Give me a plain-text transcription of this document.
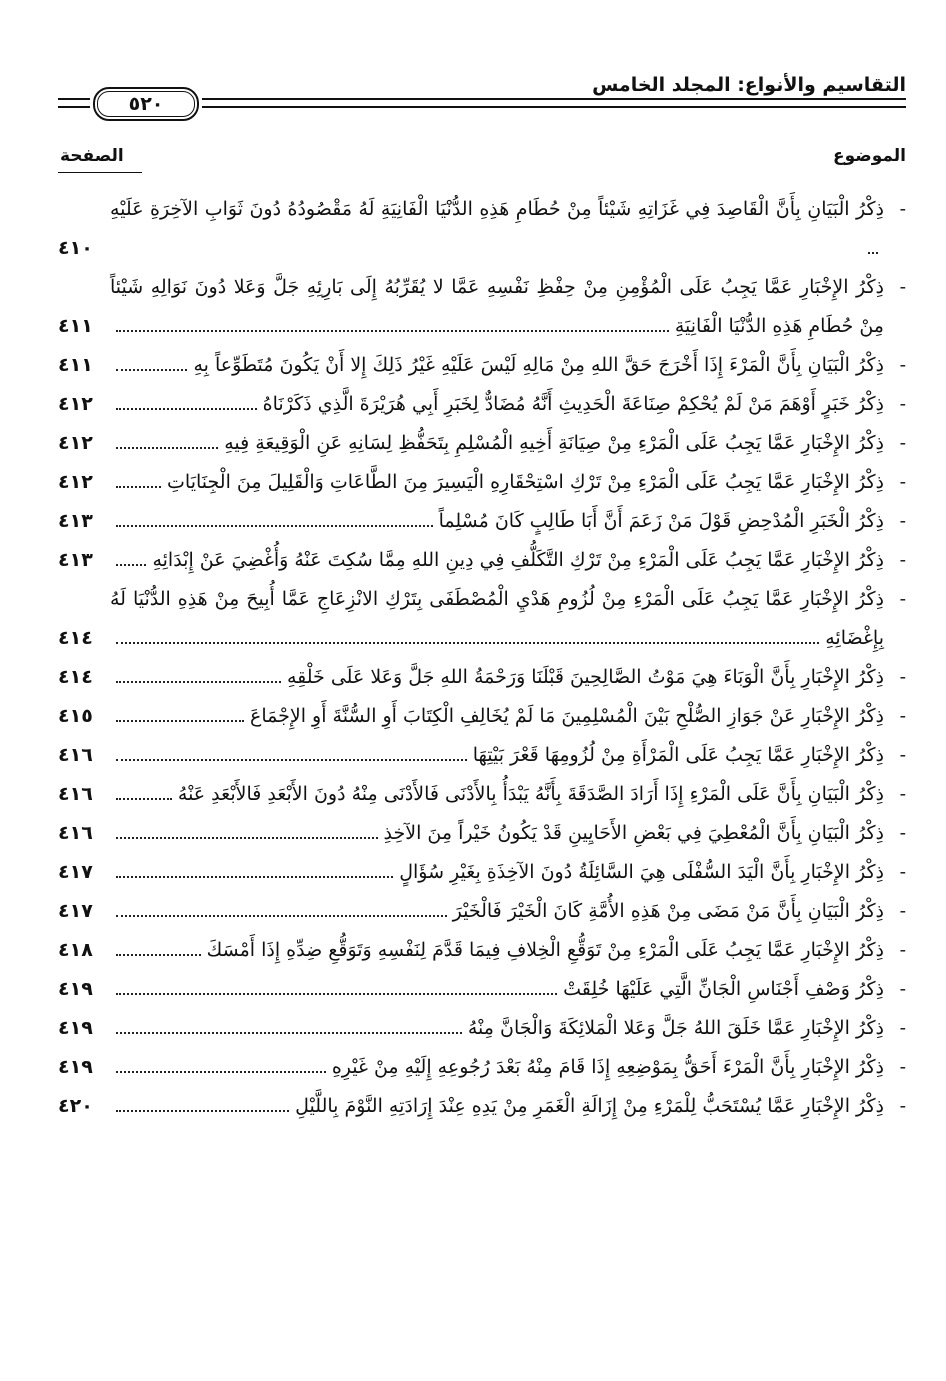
التقاسيم والأنواع: المجلد الخامس
٥٢٠
الموضوع
الصفحة

-
ذِكْرُ الْبَيَانِ بِأَنَّ الْقَاصِدَ فِي غَزَاتِهِ شَيْئاً مِنْ حُطَامِ هَذِهِ الدُّنْيَا الْفَانِيَةِ لَهُ مَقْصُودُهُ دُونَ ثَوَابِ الآخِرَةِ عَلَيْهِ

٤١٠

-
ذِكْرُ الإِخْبَارِ عَمَّا يَجِبُ عَلَى الْمُؤْمِنِ مِنْ حِفْظِ نَفْسِهِ عَمَّا لا يُقَرِّبُهُ إِلَى بَارِئِهِ جَلَّ وَعَلا دُونَ نَوَالِهِ شَيْئاً مِنْ حُطَامِ هَذِهِ الدُّنْيَا الْفَانِيَةِ

٤١١

-
ذِكْرُ الْبَيَانِ بِأَنَّ الْمَرْءَ إِذَا أَخْرَجَ حَقَّ اللهِ مِنْ مَالِهِ لَيْسَ عَلَيْهِ غَيْرُ ذَلِكَ إِلا أَنْ يَكُونَ مُتَطَوِّعاً بِهِ

٤١١

-
ذِكْرُ خَبَرٍ أَوْهَمَ مَنْ لَمْ يُحْكِمْ صِنَاعَةَ الْحَدِيثِ أَنَّهُ مُضَادٌّ لِخَبَرِ أَبِي هُرَيْرَةَ الَّذِي ذَكَرْنَاهُ

٤١٢

-
ذِكْرُ الإِخْبَارِ عَمَّا يَجِبُ عَلَى الْمَرْءِ مِنْ صِيَانَةِ أَخِيهِ الْمُسْلِمِ بِتَحَفُّظِ لِسَانِهِ عَنِ الْوَقِيعَةِ فِيهِ

٤١٢

-
ذِكْرُ الإِخْبَارِ عَمَّا يَجِبُ عَلَى الْمَرْءِ مِنْ تَرْكِ اسْتِحْقَارِهِ الْيَسِيرَ مِنَ الطَّاعَاتِ وَالْقَلِيلَ مِنَ الْجِنَايَاتِ

٤١٢

-
ذِكْرُ الْخَبَرِ الْمُدْحِضِ قَوْلَ مَنْ زَعَمَ أَنَّ أَبَا طَالِبٍ كَانَ مُسْلِماً

٤١٣

-
ذِكْرُ الإِخْبَارِ عَمَّا يَجِبُ عَلَى الْمَرْءِ مِنْ تَرْكِ التَّكَلُّفِ فِي دِينِ اللهِ مِمَّا سُكِتَ عَنْهُ وَأُغْضِيَ عَنْ إِبْدَائِهِ

٤١٣

-
ذِكْرُ الإِخْبَارِ عَمَّا يَجِبُ عَلَى الْمَرْءِ مِنْ لُزُومِ هَدْيِ الْمُصْطَفَى بِتَرْكِ الانْزِعَاجِ عَمَّا أُبِيحَ مِنْ هَذِهِ الدُّنْيَا لَهُ بِإِغْضَائِهِ

٤١٤

-
ذِكْرُ الإِخْبَارِ بِأَنَّ الْوَبَاءَ هِيَ مَوْتُ الصَّالِحِينَ قَبْلَنَا وَرَحْمَةُ اللهِ جَلَّ وَعَلا عَلَى خَلْقِهِ

٤١٤

-
ذِكْرُ الإِخْبَارِ عَنْ جَوَازِ الصُّلْحِ بَيْنَ الْمُسْلِمِينَ مَا لَمْ يُخَالِفِ الْكِتَابَ أَوِ السُّنَّةَ أَوِ الإِجْمَاعَ

٤١٥

-
ذِكْرُ الإِخْبَارِ عَمَّا يَجِبُ عَلَى الْمَرْأَةِ مِنْ لُزُومِهَا قَعْرَ بَيْتِهَا

٤١٦

-
ذِكْرُ الْبَيَانِ بِأَنَّ عَلَى الْمَرْءِ إِذَا أَرَادَ الصَّدَقَةَ بِأَنَّهُ يَبْدَأُ بِالأَدْنَى فَالأَدْنَى مِنْهُ دُونَ الأَبْعَدِ فَالأَبْعَدِ عَنْهُ

٤١٦

-
ذِكْرُ الْبَيَانِ بِأَنَّ الْمُعْطِيَ فِي بَعْضِ الأَحَايِينِ قَدْ يَكُونُ خَيْراً مِنَ الآخِذِ

٤١٦

-
ذِكْرُ الإِخْبَارِ بِأَنَّ الْيَدَ السُّفْلَى هِيَ السَّائِلَةُ دُونَ الآخِذَةِ بِغَيْرِ سُؤَالٍ

٤١٧

-
ذِكْرُ الْبَيَانِ بِأَنَّ مَنْ مَضَى مِنْ هَذِهِ الأُمَّةِ كَانَ الْخَيْرَ فَالْخَيْرَ

٤١٧

-
ذِكْرُ الإِخْبَارِ عَمَّا يَجِبُ عَلَى الْمَرْءِ مِنْ تَوَقُّعِ الْخِلافِ فِيمَا قَدَّمَ لِنَفْسِهِ وَتَوَقُّعِ ضِدِّهِ إِذَا أَمْسَكَ

٤١٨

-
ذِكْرُ وَصْفِ أَجْنَاسِ الْجَانِّ الَّتِي عَلَيْهَا خُلِقَتْ

٤١٩

-
ذِكْرُ الإِخْبَارِ عَمَّا خَلَقَ اللهُ جَلَّ وَعَلا الْمَلائِكَةَ وَالْجَانَّ مِنْهُ

٤١٩

-
ذِكْرُ الإِخْبَارِ بِأَنَّ الْمَرْءَ أَحَقُّ بِمَوْضِعِهِ إِذَا قَامَ مِنْهُ بَعْدَ رُجُوعِهِ إِلَيْهِ مِنْ غَيْرِهِ

٤١٩

-
ذِكْرُ الإِخْبَارِ عَمَّا يُسْتَحَبُّ لِلْمَرْءِ مِنْ إِزَالَةِ الْغَمَرِ مِنْ يَدِهِ عِنْدَ إِرَادَتِهِ النَّوْمَ بِاللَّيْلِ

٤٢٠
